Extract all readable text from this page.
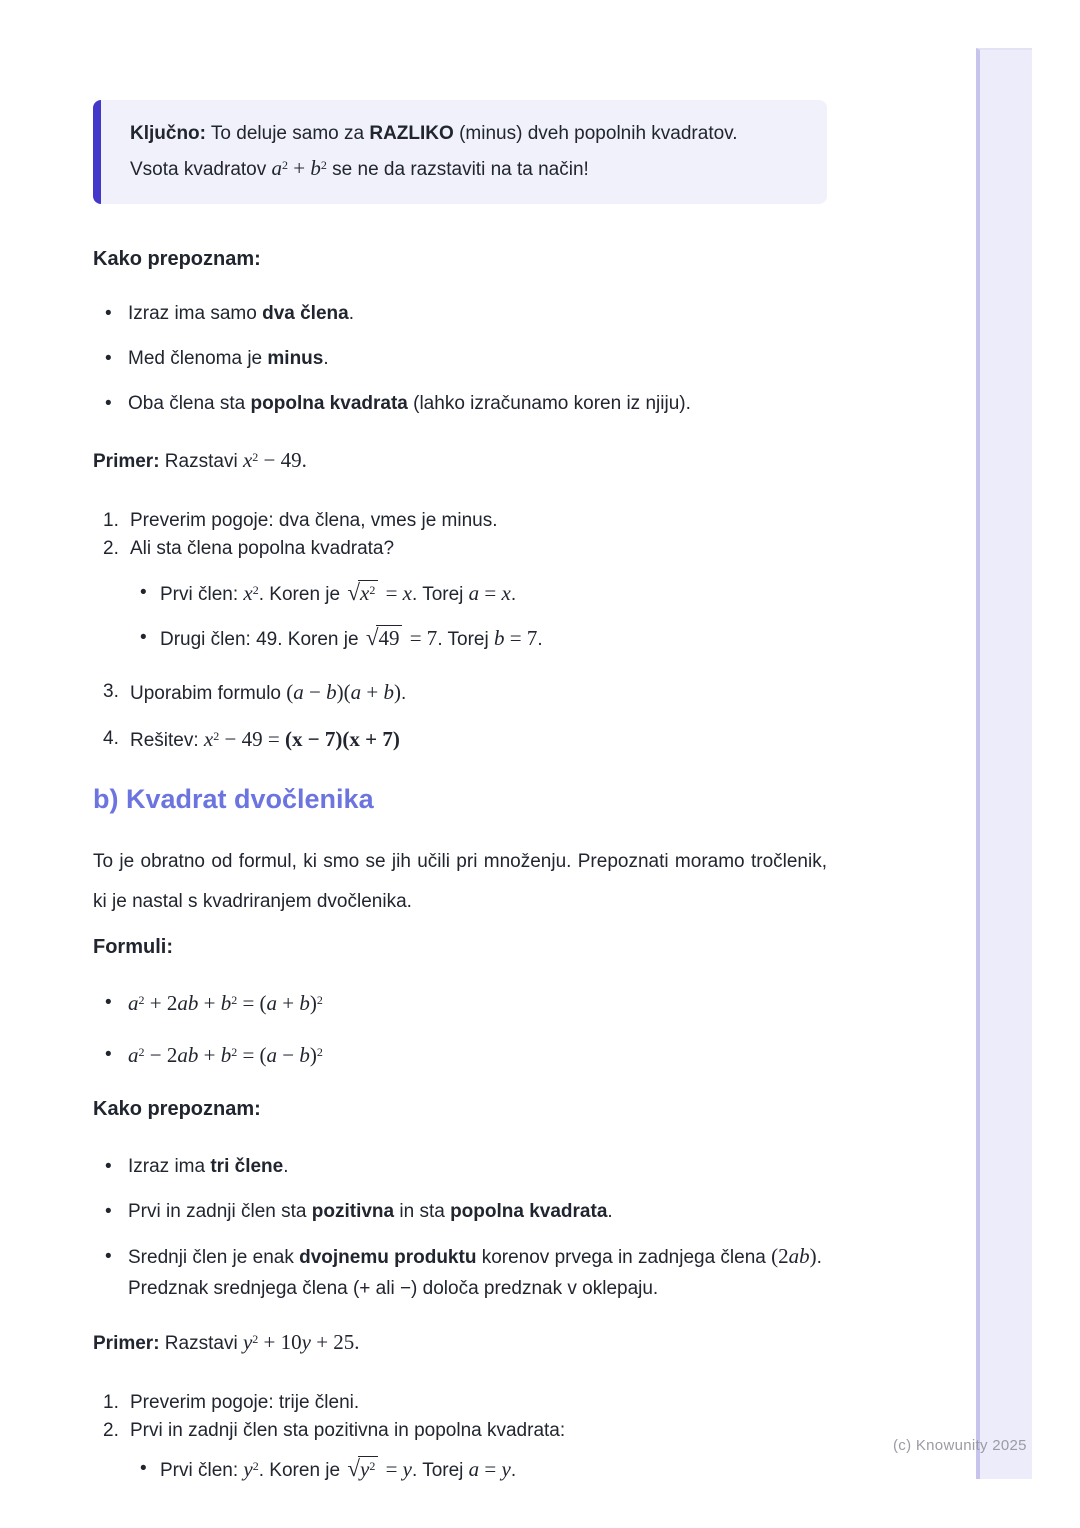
(c) Knowunity 2025
Ključno: To deluje samo za RAZLIKO (minus) dveh popolnih kvadratov.
Vsota kvadratov $a^2 + b^2$ se ne da razstaviti na ta način!
Kako prepoznam:
•
Izraz ima samo dva člena.
•
Med členoma je minus.
•
Oba člena sta popolna kvadrata (lahko izračunamo koren iz njiju).
Primer: Razstavi $x^2 - 49$.
1. Preverim pogoje: dva člena, vmes je minus.
2. Ali sta člena popolna kvadrata?
•
Prvi člen: $x^2$. Koren je $√x^2 = x$. Torej a = x.
•
Drugi člen: 49. Koren je √49 = 7. Torej b = 7.
3. Uporabim formulo (a − b)(a + b).
4. Rešitev: $x^2 - 49 = (x - 7)(x + 7)$
b) Kvadrat dvočlenika
To je obratno od formul, ki smo se jih učili pri množenju. Prepoznati moramo tročlenik, ki je nastal s kvadriranjem dvočlenika.
Formuli:
•
$a^2 + 2ab + b^2 = (a + b)^2$
•
$a^2 - 2ab + b^2 = (a - b)^2$
Kako prepoznam:
•
Izraz ima tri člene.
•
Prvi in zadnji člen sta pozitivna in sta popolna kvadrata.
•
Srednji člen je enak dvojnemu produktu korenov prvega in zadnjega člena (2ab). Predznak srednjega člena (+ ali −) določa predznak v oklepaju.
Primer: Razstavi $y^2 + 10y + 25$.
1. Preverim pogoje: trije členi.
2. Prvi in zadnji člen sta pozitivna in popolna kvadrata:
•
Prvi člen: $y^2$. Koren je $√y^2 = y$. Torej a = y.
